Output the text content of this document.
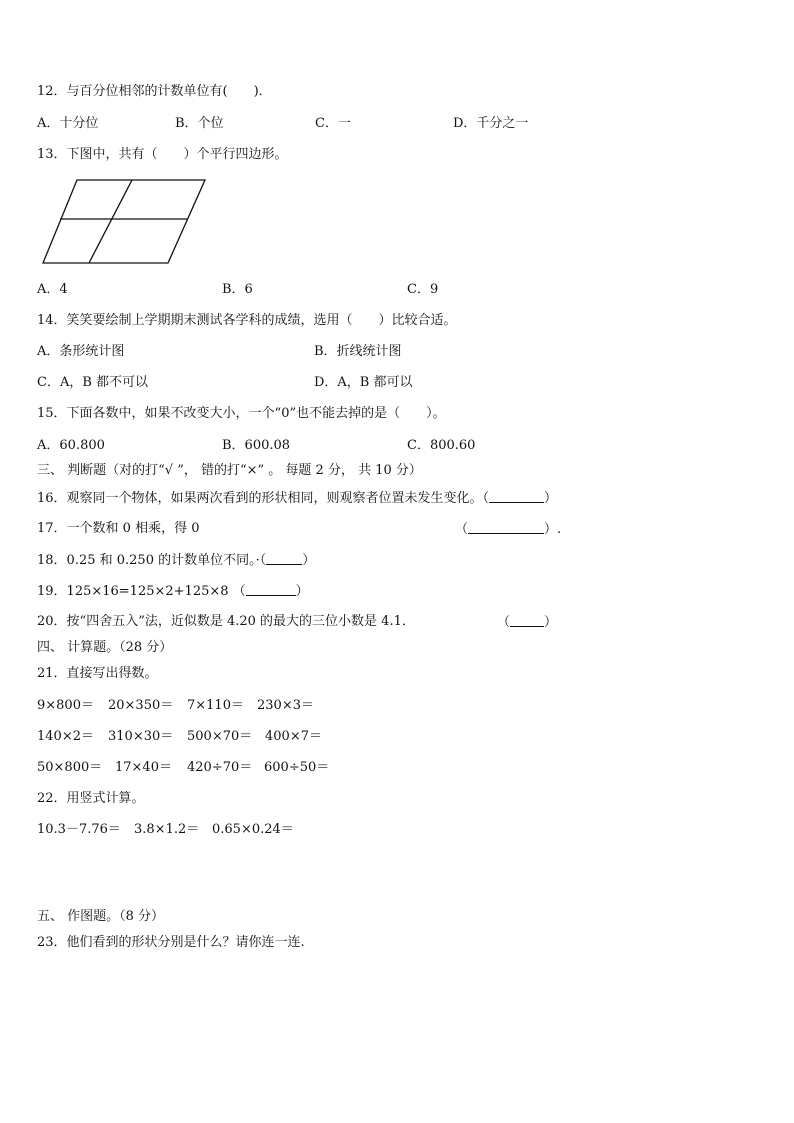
12．与百分位相邻的计数单位有(　　)．
A．十分位	B．个位	C．一	D．千分之一
13．下图中，共有（　　）个平行四边形。
A．4	B．6	C．9
14．笑笑要绘制上学期期末测试各学科的成绩，选用（　　）比较合适。
A．条形统计图	B．折线统计图
C．A，B 都不可以	D．A，B 都可以
15．下面各数中，如果不改变大小，一个“0”也不能去掉的是（　　）。
A．60.800	B．600.08	C．800.60
三、 判断题（对的打“√ ”， 错的打“×” 。 每题 2 分， 共 10 分）
16．观察同一个物体，如果两次看到的形状相同，则观察者位置未发生变化。（	）
17．一个数和 0 相乘，得 0	（	）.
18．0.25 和 0.250 的计数单位不同。·（	）
19．125×16=125×2+125×8 （	）
20．按“四舍五入”法，近似数是 4.20 的最大的三位小数是 4.1．	（	）
四、 计算题。（28 分）
21．直接写出得数。
9×800＝ 20×350＝ 7×110＝ 230×3＝
140×2＝ 310×30＝ 500×70＝ 400×7＝
50×800＝ 17×40＝ 420÷70＝ 600÷50＝
22．用竖式计算。
10.3－7.76＝ 3.8×1.2＝ 0.65×0.24＝
五、 作图题。（8 分）
23．他们看到的形状分别是什么？请你连一连.
